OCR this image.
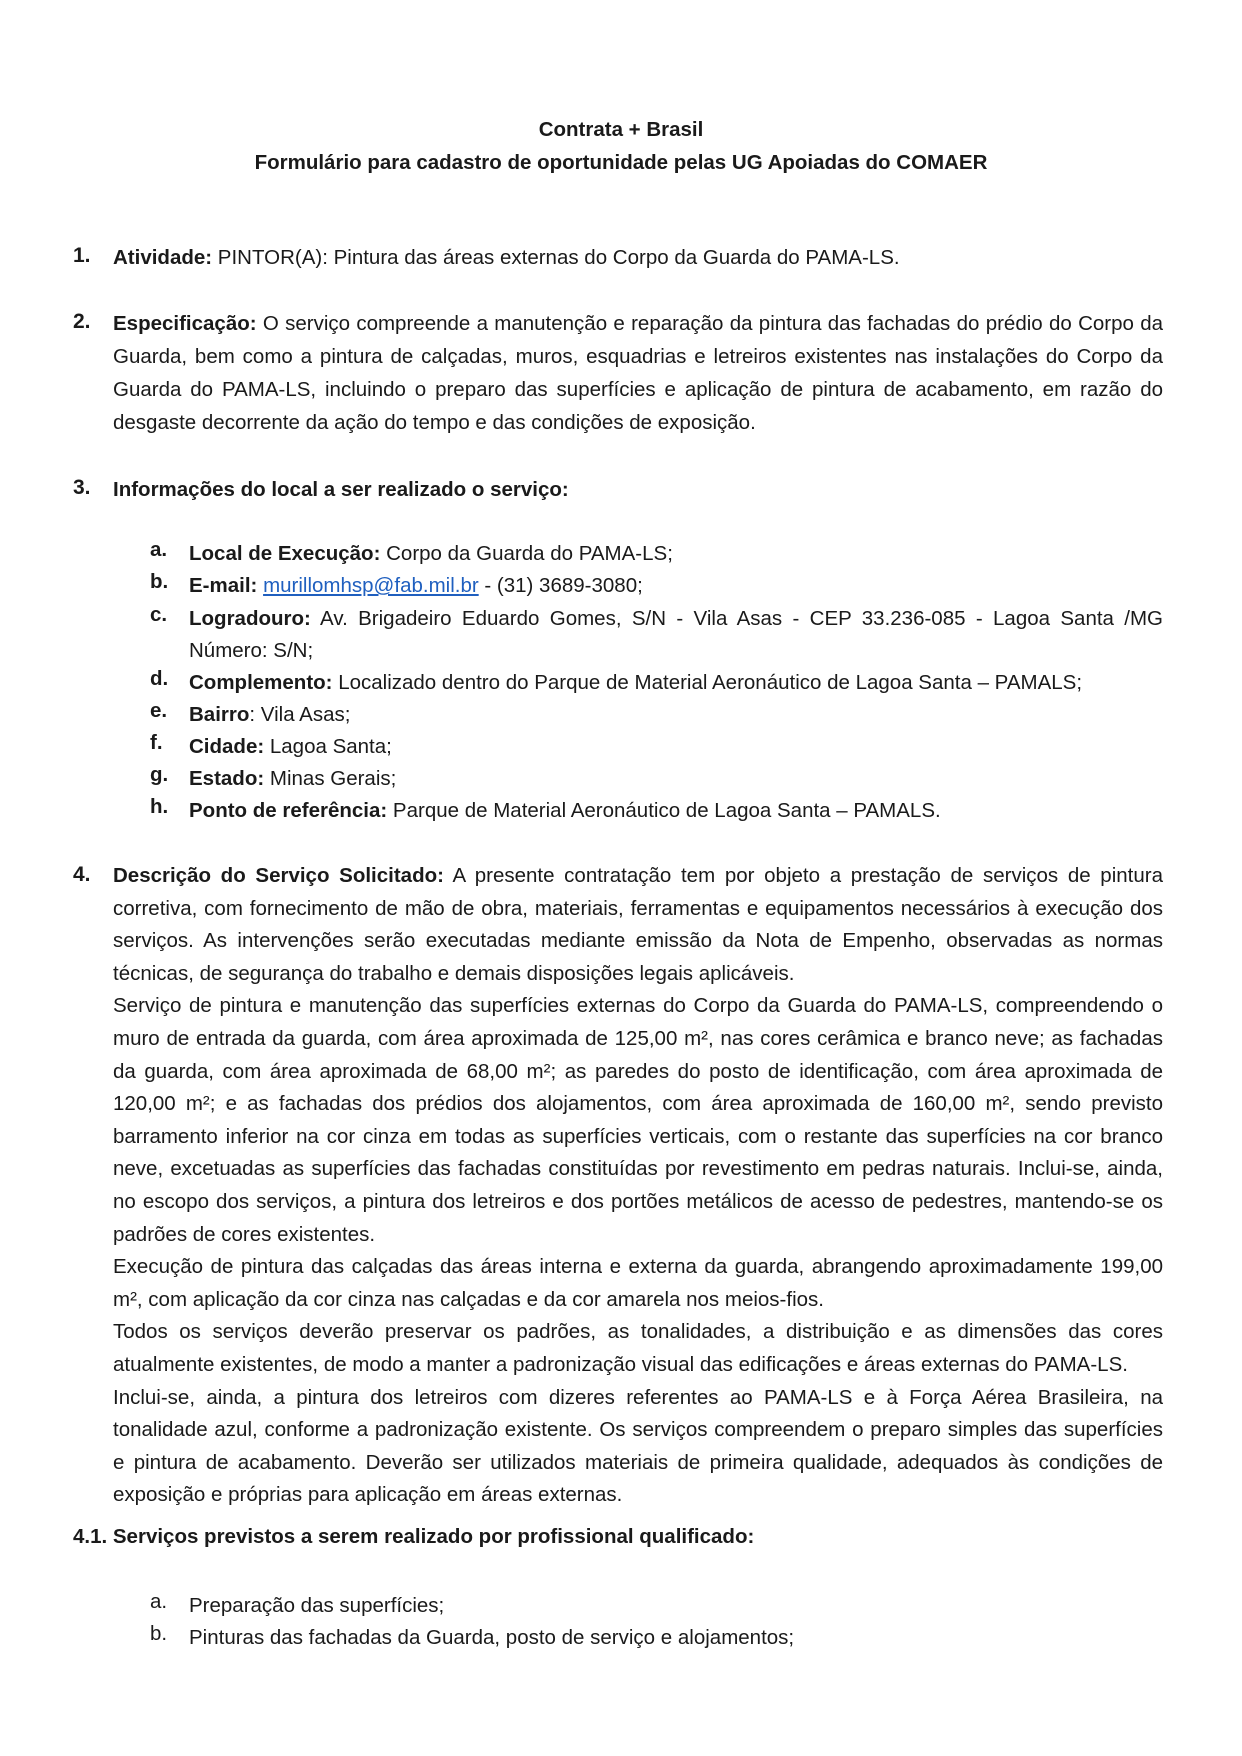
Contrata + Brasil
Formulário para cadastro de oportunidade pelas UG Apoiadas do COMAER
1. Atividade: PINTOR(A): Pintura das áreas externas do Corpo da Guarda do PAMA-LS.
2. Especificação: O serviço compreende a manutenção e reparação da pintura das fachadas do prédio do Corpo da Guarda, bem como a pintura de calçadas, muros, esquadrias e letreiros existentes nas instalações do Corpo da Guarda do PAMA-LS, incluindo o preparo das superfícies e aplicação de pintura de acabamento, em razão do desgaste decorrente da ação do tempo e das condições de exposição.
3. Informações do local a ser realizado o serviço:
a. Local de Execução: Corpo da Guarda do PAMA-LS;
b. E-mail: murillomhsp@fab.mil.br - (31) 3689-3080;
c. Logradouro: Av. Brigadeiro Eduardo Gomes, S/N - Vila Asas - CEP 33.236-085 - Lagoa Santa /MG Número: S/N;
d. Complemento: Localizado dentro do Parque de Material Aeronáutico de Lagoa Santa – PAMALS;
e. Bairro: Vila Asas;
f. Cidade: Lagoa Santa;
g. Estado: Minas Gerais;
h. Ponto de referência: Parque de Material Aeronáutico de Lagoa Santa – PAMALS.
4. Descrição do Serviço Solicitado: A presente contratação tem por objeto a prestação de serviços de pintura corretiva, com fornecimento de mão de obra, materiais, ferramentas e equipamentos necessários à execução dos serviços. As intervenções serão executadas mediante emissão da Nota de Empenho, observadas as normas técnicas, de segurança do trabalho e demais disposições legais aplicáveis.
Serviço de pintura e manutenção das superfícies externas do Corpo da Guarda do PAMA-LS, compreendendo o muro de entrada da guarda, com área aproximada de 125,00 m², nas cores cerâmica e branco neve; as fachadas da guarda, com área aproximada de 68,00 m²; as paredes do posto de identificação, com área aproximada de 120,00 m²; e as fachadas dos prédios dos alojamentos, com área aproximada de 160,00 m², sendo previsto barramento inferior na cor cinza em todas as superfícies verticais, com o restante das superfícies na cor branco neve, excetuadas as superfícies das fachadas constituídas por revestimento em pedras naturais. Inclui-se, ainda, no escopo dos serviços, a pintura dos letreiros e dos portões metálicos de acesso de pedestres, mantendo-se os padrões de cores existentes.
Execução de pintura das calçadas das áreas interna e externa da guarda, abrangendo aproximadamente 199,00 m², com aplicação da cor cinza nas calçadas e da cor amarela nos meios-fios.
Todos os serviços deverão preservar os padrões, as tonalidades, a distribuição e as dimensões das cores atualmente existentes, de modo a manter a padronização visual das edificações e áreas externas do PAMA-LS.
Inclui-se, ainda, a pintura dos letreiros com dizeres referentes ao PAMA-LS e à Força Aérea Brasileira, na tonalidade azul, conforme a padronização existente. Os serviços compreendem o preparo simples das superfícies e pintura de acabamento. Deverão ser utilizados materiais de primeira qualidade, adequados às condições de exposição e próprias para aplicação em áreas externas.
4.1. Serviços previstos a serem realizado por profissional qualificado:
a. Preparação das superfícies;
b. Pinturas das fachadas da Guarda, posto de serviço e alojamentos;
